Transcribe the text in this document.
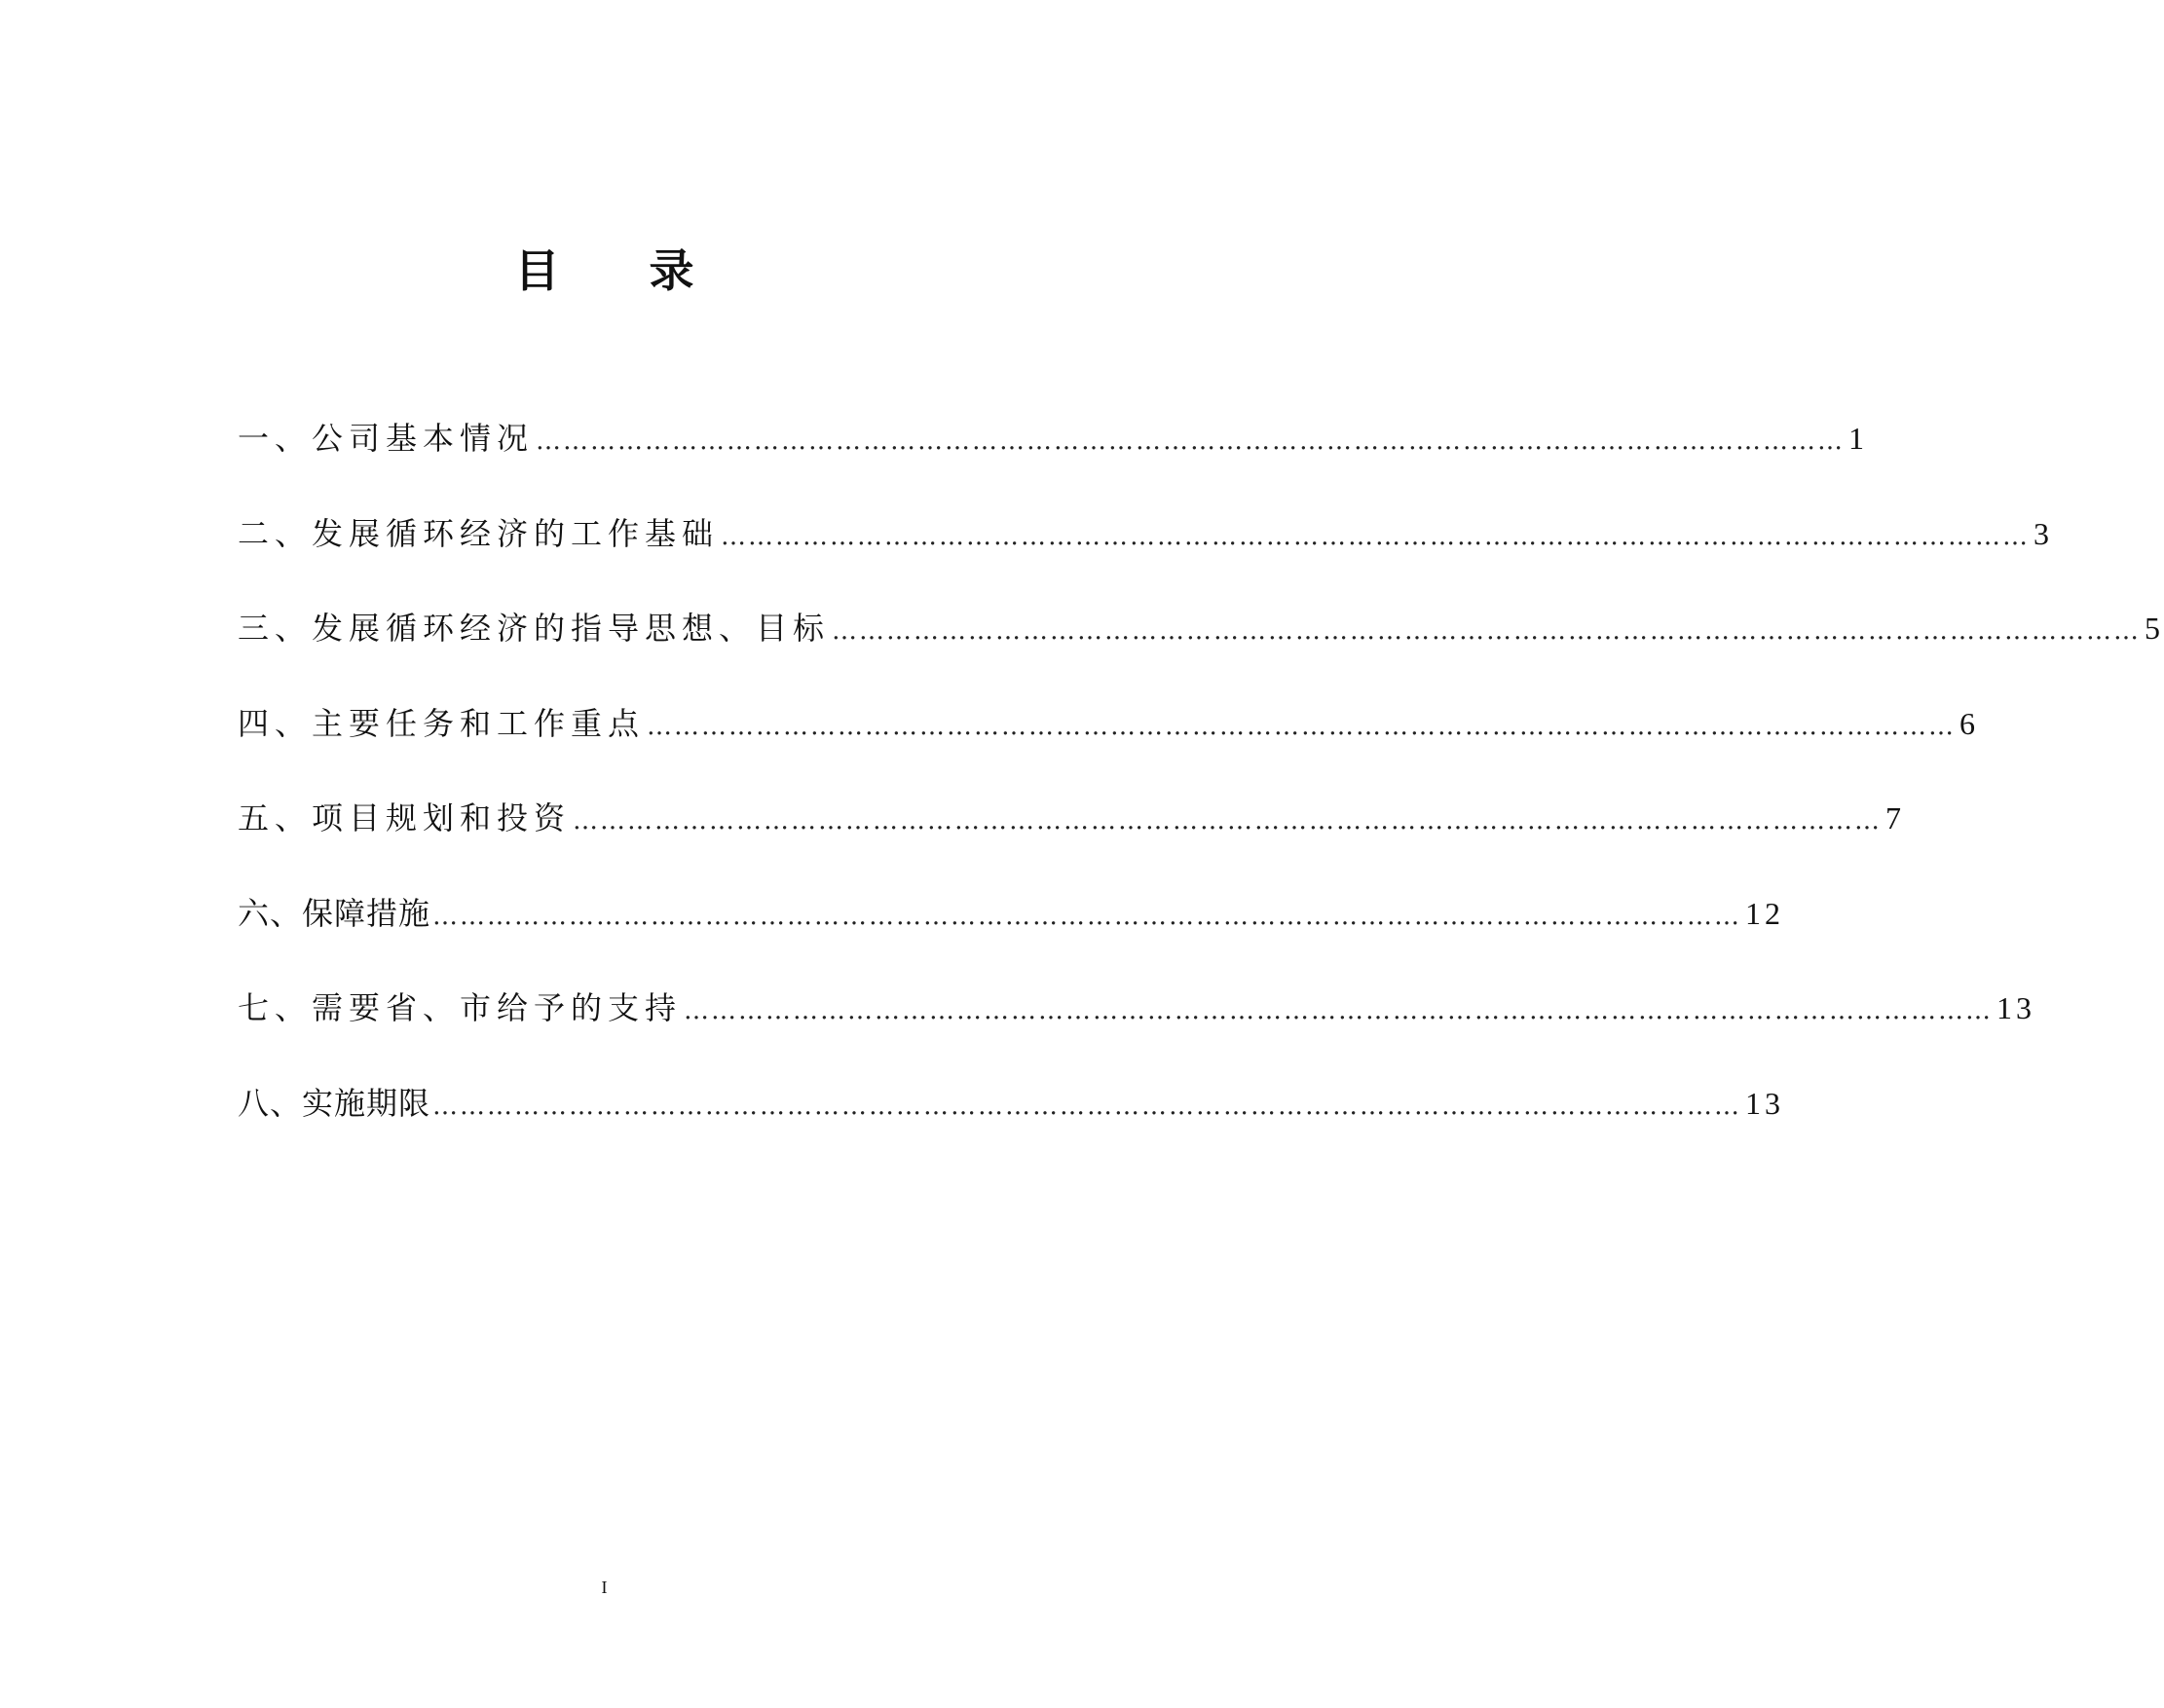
目 录
一、公司基本情况 ……………………………………………………………………………………………………………………………… 1
二、发展循环经济的工作基础 ……………………………………………………………………………………………………………………………… 3
三、发展循环经济的指导思想、目标 ……………………………………………………………………………………………………………………………… 5
四、主要任务和工作重点 ……………………………………………………………………………………………………………………………… 6
五、项目规划和投资 ……………………………………………………………………………………………………………………………… 7
六、保障措施 ……………………………………………………………………………………………………………………………… 12
七、需要省、市给予的支持 ……………………………………………………………………………………………………………………………… 13
八、实施期限 ……………………………………………………………………………………………………………………………… 13
I
